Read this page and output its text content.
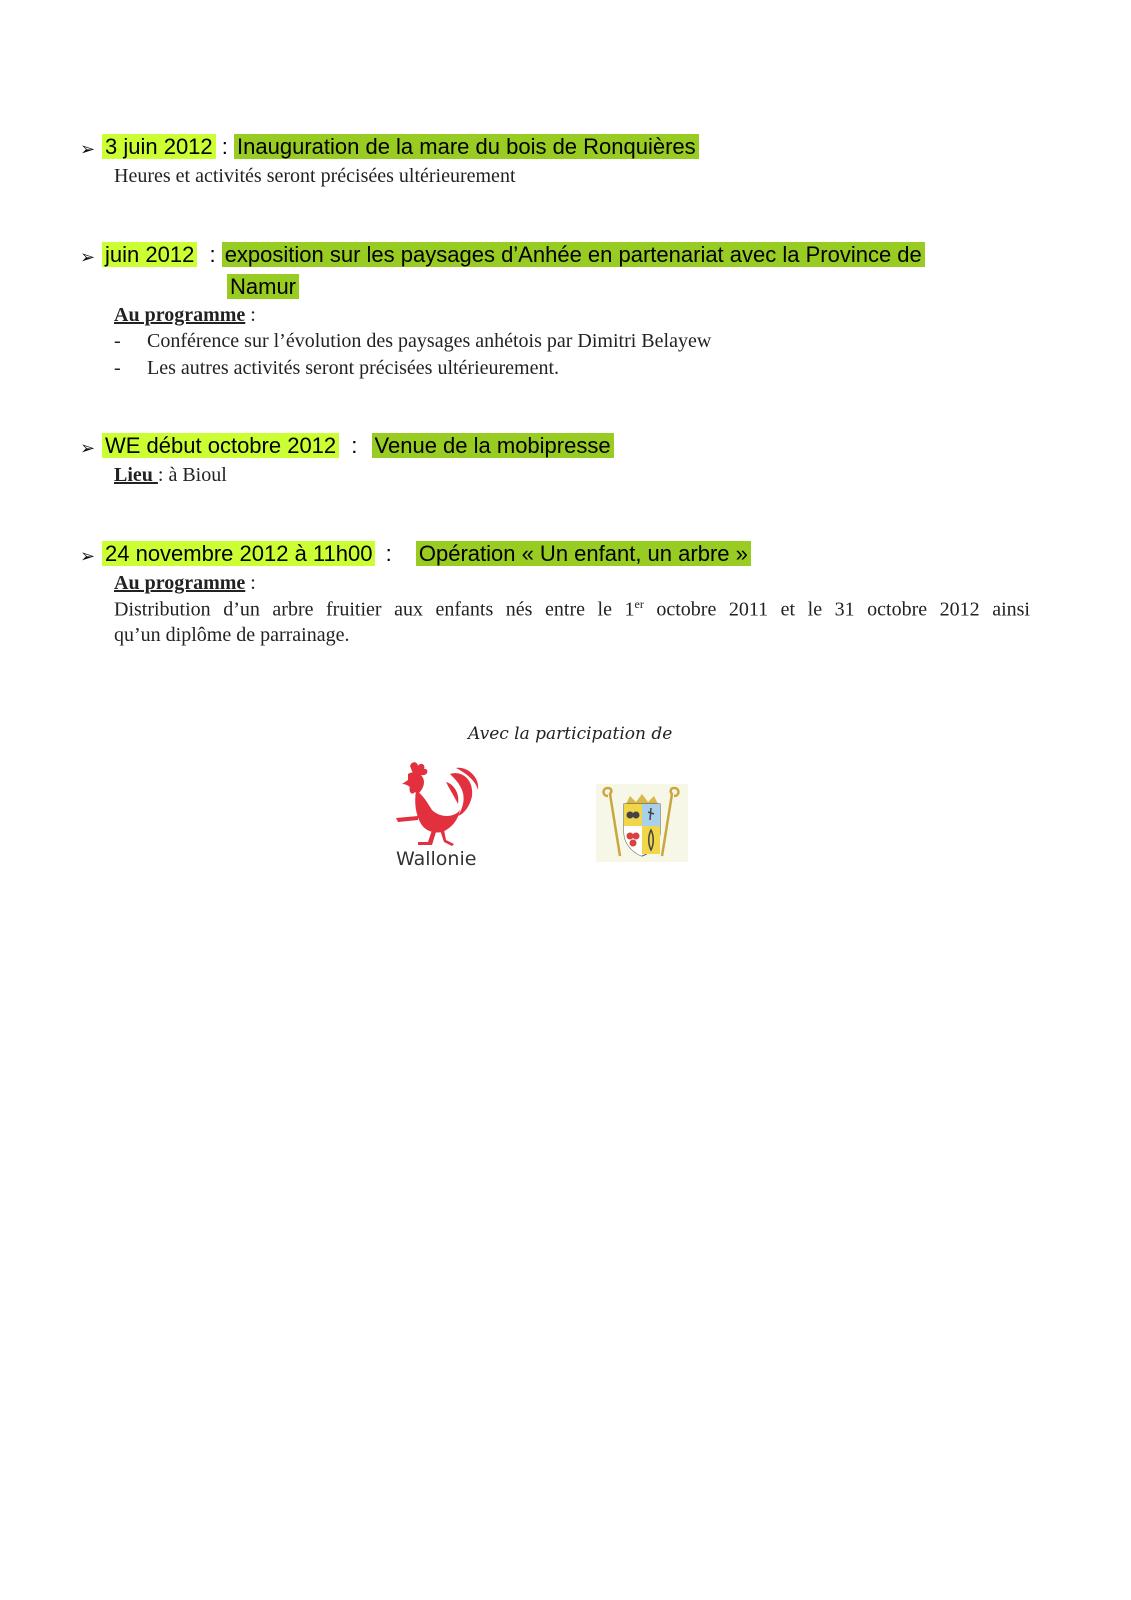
➢ 3 juin 2012 : Inauguration de la mare du bois de Ronquières
Heures et activités seront précisées ultérieurement
➢ juin 2012 : exposition sur les paysages d’Anhée en partenariat avec la Province de
Namur
Au programme :
- Conférence sur l’évolution des paysages anhétois par Dimitri Belayew
- Les autres activités seront précisées ultérieurement.
➢ WE début octobre 2012 : Venue de la mobipresse
Lieu : à Bioul
➢ 24 novembre 2012 à 11h00 : Opération « Un enfant, un arbre »
Au programme :
Distribution d’un arbre fruitier aux enfants nés entre le 1er octobre 2011 et le 31 octobre 2012 ainsi
qu’un diplôme de parrainage.
Avec la participation de
Wallonie
